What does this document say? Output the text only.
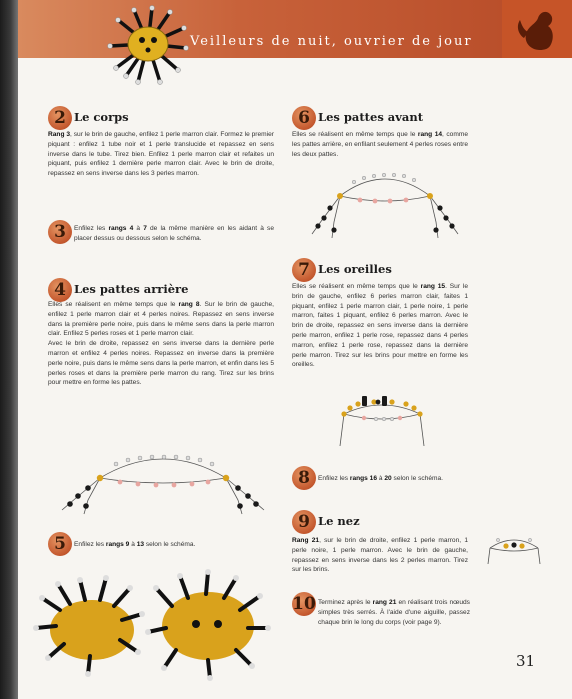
Veilleurs de nuit, ouvrier de jour
2 Le corps
Rang 3, sur le brin de gauche, enfilez 1 perle marron clair. Formez le premier piquant : enfilez 1 tube noir et 1 perle translucide et repassez en sens inverse dans le tube. Tirez bien. Enfilez 1 perle marron clair et refaites un piquant, puis enfilez 1 dernière perle marron clair. Avec le brin de droite, repassez en sens inverse dans les 3 perles marron.
3	Enfilez les rangs 4 à 7 de la même manière en les aidant à se placer dessus ou dessous selon le schéma.
4 Les pattes arrière
Elles se réalisent en même temps que le rang 8. Sur le brin de gauche, enfilez 1 perle marron clair et 4 perles noires. Repassez en sens inverse dans la première perle noire, puis dans le même sens dans la perle marron clair. Enfilez 5 perles roses et 1 perle marron clair.
Avec le brin de droite, repassez en sens inverse dans la dernière perle marron et enfilez 4 perles noires. Repassez en inverse dans la première perle noire, puis dans le même sens dans la perle marron, et enfin dans les 5 perles roses et dans la première perle marron du rang. Tirez sur les brins pour mettre en forme les pattes.
5	Enfilez les rangs 9 à 13 selon le schéma.
6 Les pattes avant
Elles se réalisent en même temps que le rang 14, comme les pattes arrière, en enfilant seulement 4 perles roses entre les deux pattes.
7 Les oreilles
Elles se réalisent en même temps que le rang 15. Sur le brin de gauche, enfilez 6 perles marron clair, faites 1 piquant, enfilez 1 perle marron clair, 1 perle noire, 1 perle marron, faites 1 piquant, enfilez 6 perles marron. Avec le brin de droite, repassez en sens inverse dans la dernière perle marron, enfilez 1 perle rose, repassez dans 4 perles marron, enfilez 1 perle rose, repassez dans la dernière perle marron. Tirez sur les brins pour mettre en forme les oreilles.
8	Enfilez les rangs 16 à 20 selon le schéma.
9 Le nez
Rang 21, sur le brin de droite, enfilez 1 perle marron, 1 perle noire, 1 perle marron. Avec le brin de gauche, repassez en sens inverse dans les 2 perles marron. Tirez sur les brins.
10 Terminez après le rang 21 en réalisant trois nœuds simples très serrés. À l'aide d'une aiguille, passez chaque brin le long du corps (voir page 9).
31
